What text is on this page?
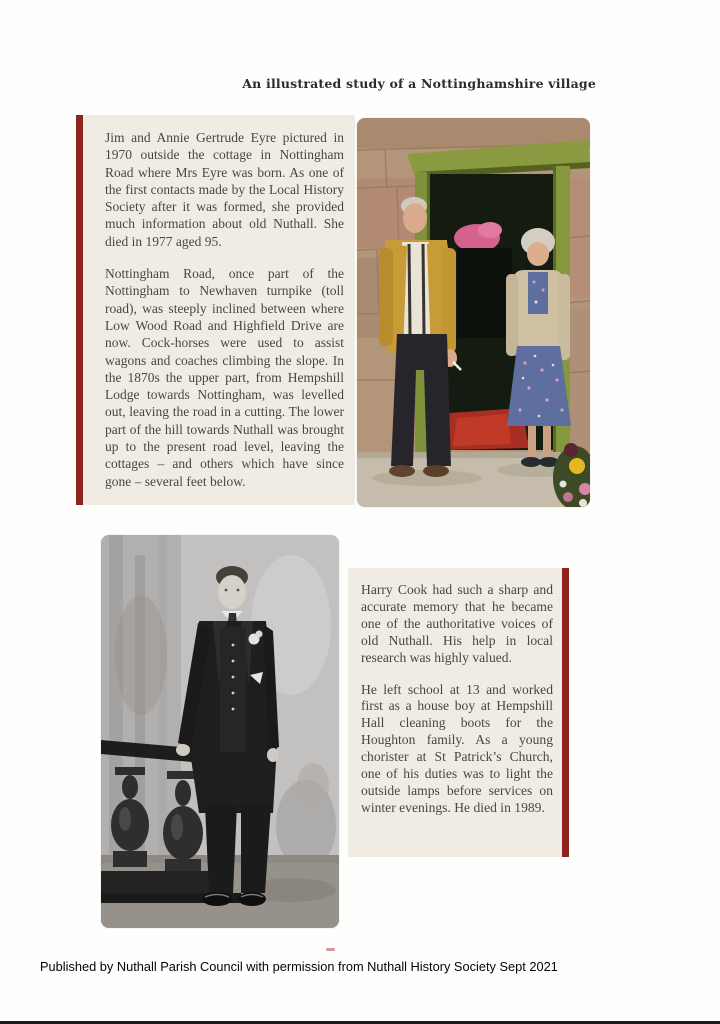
An illustrated study of a Nottinghamshire village

Jim and Annie Gertrude Eyre pictured in 1970 outside the cottage in Nottingham Road where Mrs Eyre was born. As one of the first contacts made by the Local History Society after it was formed, she provided much information about old Nuthall. She died in 1977 aged 95.

Nottingham Road, once part of the Nottingham to Newhaven turnpike (toll road), was steeply inclined between where Low Wood Road and Highfield Drive are now. Cock-horses were used to assist wagons and coaches climbing the slope. In the 1870s the upper part, from Hempshill Lodge towards Nottingham, was levelled out, leaving the road in a cutting. The lower part of the hill towards Nuthall was brought up to the present road level, leaving the cottages – and others which have since gone – several feet below.

Harry Cook had such a sharp and accurate memory that he became one of the authoritative voices of old Nuthall. His help in local research was highly valued.

He left school at 13 and worked first as a house boy at Hempshill Hall cleaning boots for the Houghton family. As a young chorister at St Patrick’s Church, one of his duties was to light the outside lamps before services on winter evenings. He died in 1989.

Published by Nuthall Parish Council with permission from Nuthall History Society Sept 2021
